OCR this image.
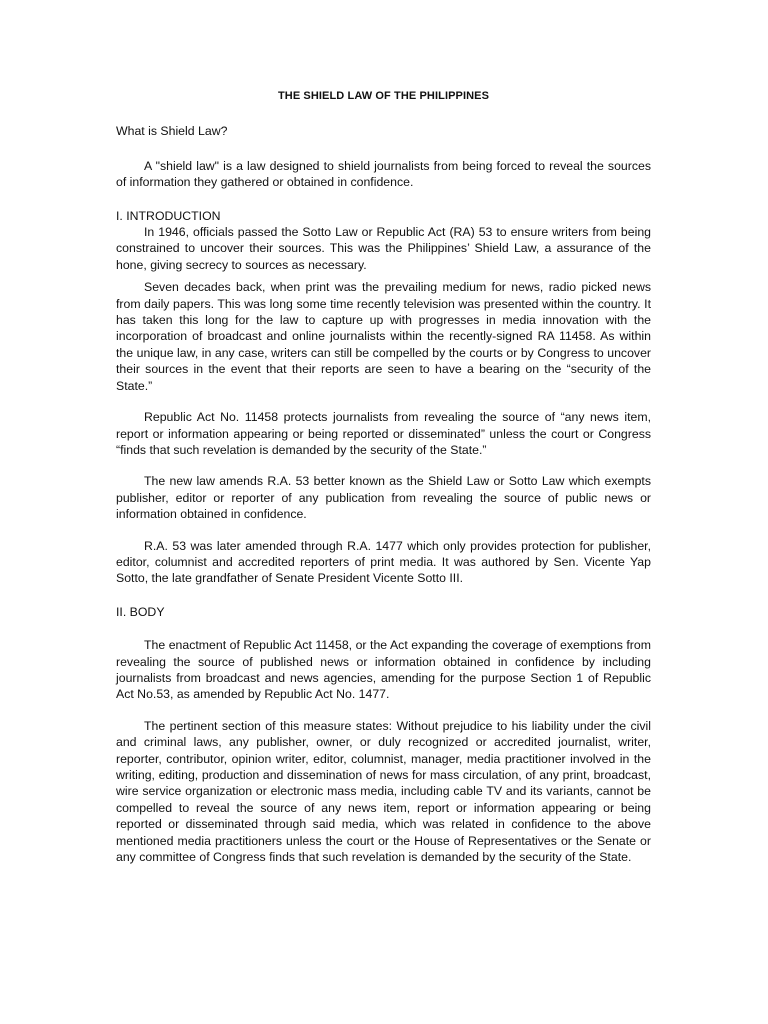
THE SHIELD LAW OF THE PHILIPPINES
What is Shield Law?

A "shield law" is a law designed to shield journalists from being forced to reveal the sources of information they gathered or obtained in confidence.

I. INTRODUCTION

In 1946, officials passed the Sotto Law or Republic Act (RA) 53 to ensure writers from being constrained to uncover their sources. This was the Philippines’ Shield Law, a assurance of the hone, giving secrecy to sources as necessary.

Seven decades back, when print was the prevailing medium for news, radio picked news from daily papers. This was long some time recently television was presented within the country. It has taken this long for the law to capture up with progresses in media innovation with the incorporation of broadcast and online journalists within the recently-signed RA 11458. As within the unique law, in any case, writers can still be compelled by the courts or by Congress to uncover their sources in the event that their reports are seen to have a bearing on the “security of the State.”

Republic Act No. 11458 protects journalists from revealing the source of “any news item, report or information appearing or being reported or disseminated” unless the court or Congress “finds that such revelation is demanded by the security of the State.”

The new law amends R.A. 53 better known as the Shield Law or Sotto Law which exempts publisher, editor or reporter of any publication from revealing the source of public news or information obtained in confidence.

R.A. 53 was later amended through R.A. 1477 which only provides protection for publisher, editor, columnist and accredited reporters of print media. It was authored by Sen. Vicente Yap Sotto, the late grandfather of Senate President Vicente Sotto III.

II. BODY

The enactment of Republic Act 11458, or the Act expanding the coverage of exemptions from revealing the source of published news or information obtained in confidence by including journalists from broadcast and news agencies, amending for the purpose Section 1 of Republic Act No.53, as amended by Republic Act No. 1477.

The pertinent section of this measure states: Without prejudice to his liability under the civil and criminal laws, any publisher, owner, or duly recognized or accredited journalist, writer, reporter, contributor, opinion writer, editor, columnist, manager, media practitioner involved in the writing, editing, production and dissemination of news for mass circulation, of any print, broadcast, wire service organization or electronic mass media, including cable TV and its variants, cannot be compelled to reveal the source of any news item, report or information appearing or being reported or disseminated through said media, which was related in confidence to the above mentioned media practitioners unless the court or the House of Representatives or the Senate or any committee of Congress finds that such revelation is demanded by the security of the State.
